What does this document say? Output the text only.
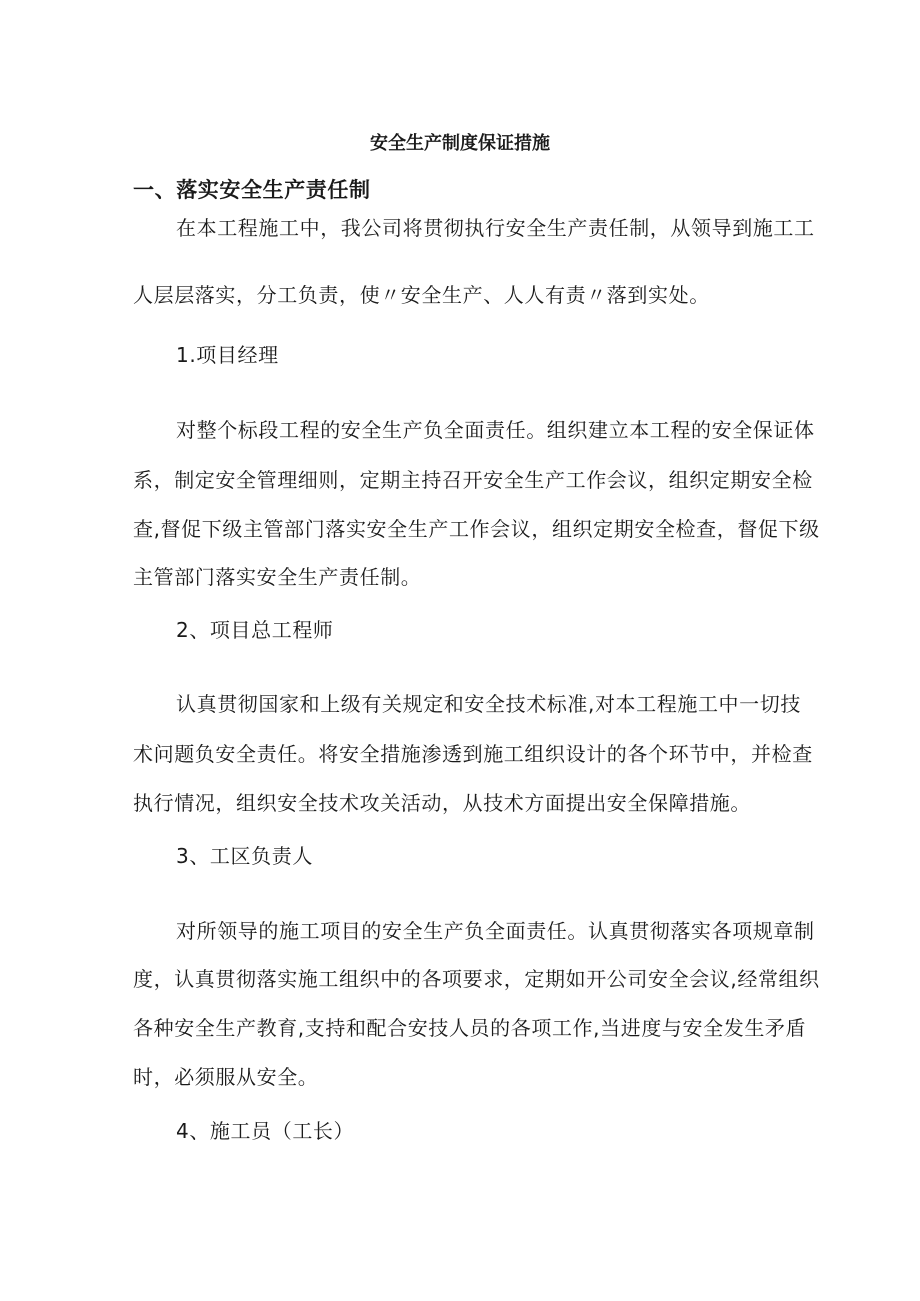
安全生产制度保证措施
一、落实安全生产责任制
在本工程施工中，我公司将贯彻执行安全生产责任制，从领导到施工工
人层层落实，分工负责，使〃安全生产、人人有责〃落到实处。
1.项目经理
对整个标段工程的安全生产负全面责任。组织建立本工程的安全保证体
系，制定安全管理细则，定期主持召开安全生产工作会议，组织定期安全检
查,督促下级主管部门落实安全生产工作会议，组织定期安全检查，督促下级
主管部门落实安全生产责任制。
2、项目总工程师
认真贯彻国家和上级有关规定和安全技术标准,对本工程施工中一切技
术问题负安全责任。将安全措施渗透到施工组织设计的各个环节中，并检查
执行情况，组织安全技术攻关活动，从技术方面提出安全保障措施。
3、工区负责人
对所领导的施工项目的安全生产负全面责任。认真贯彻落实各项规章制
度，认真贯彻落实施工组织中的各项要求，定期如开公司安全会议,经常组织
各种安全生产教育,支持和配合安技人员的各项工作,当进度与安全发生矛盾
时，必须服从安全。
4、施工员（工长）
